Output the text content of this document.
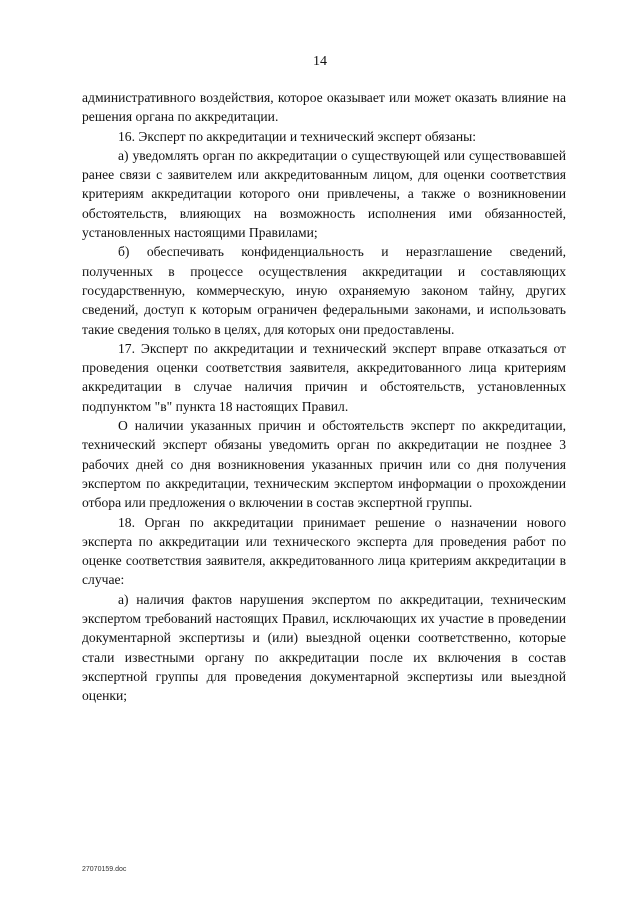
14

административного воздействия, которое оказывает или может оказать влияние на решения органа по аккредитации.

16. Эксперт по аккредитации и технический эксперт обязаны:

а) уведомлять орган по аккредитации о существующей или существовавшей ранее связи с заявителем или аккредитованным лицом, для оценки соответствия критериям аккредитации которого они привлечены, а также о возникновении обстоятельств, влияющих на возможность исполнения ими обязанностей, установленных настоящими Правилами;

б) обеспечивать конфиденциальность и неразглашение сведений, полученных в процессе осуществления аккредитации и составляющих государственную, коммерческую, иную охраняемую законом тайну, других сведений, доступ к которым ограничен федеральными законами, и использовать такие сведения только в целях, для которых они предоставлены.

17. Эксперт по аккредитации и технический эксперт вправе отказаться от проведения оценки соответствия заявителя, аккредитованного лица критериям аккредитации в случае наличия причин и обстоятельств, установленных подпунктом "в" пункта 18 настоящих Правил.

О наличии указанных причин и обстоятельств эксперт по аккредитации, технический эксперт обязаны уведомить орган по аккредитации не позднее 3 рабочих дней со дня возникновения указанных причин или со дня получения экспертом по аккредитации, техническим экспертом информации о прохождении отбора или предложения о включении в состав экспертной группы.

18. Орган по аккредитации принимает решение о назначении нового эксперта по аккредитации или технического эксперта для проведения работ по оценке соответствия заявителя, аккредитованного лица критериям аккредитации в случае:

а) наличия фактов нарушения экспертом по аккредитации, техническим экспертом требований настоящих Правил, исключающих их участие в проведении документарной экспертизы и (или) выездной оценки соответственно, которые стали известными органу по аккредитации после их включения в состав экспертной группы для проведения документарной экспертизы или выездной оценки;

27070159.doc
